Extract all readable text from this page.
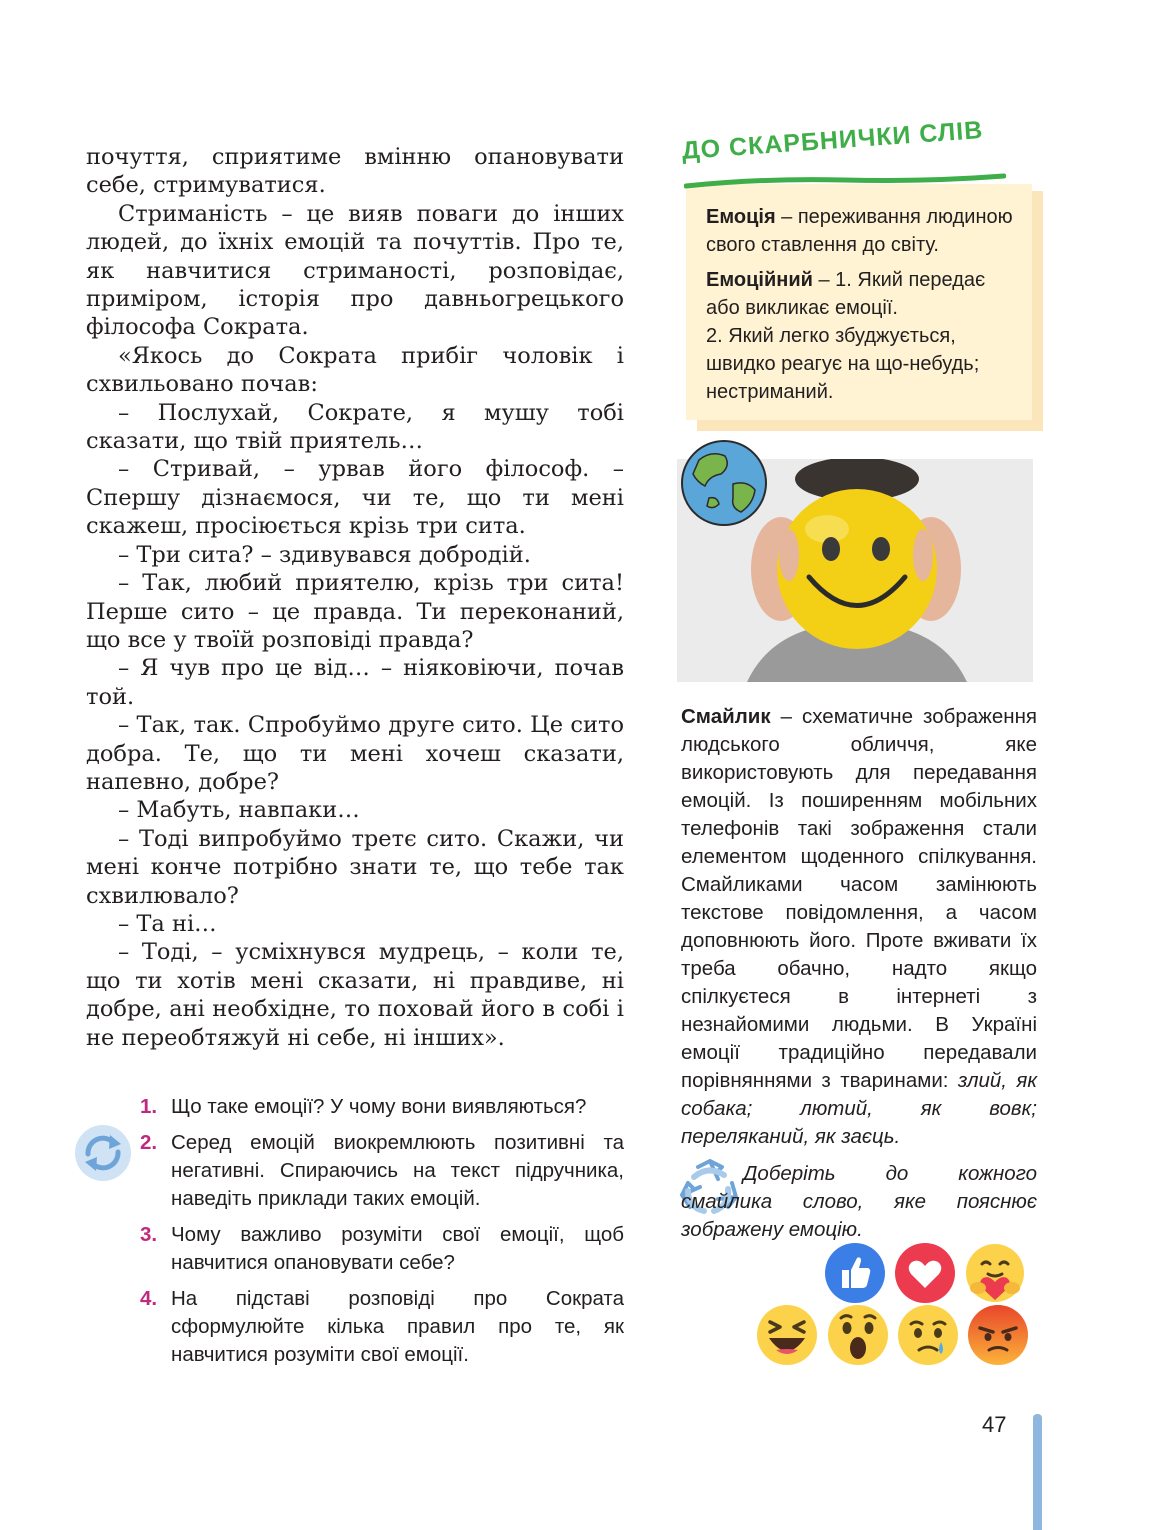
почуття, сприятиме вмінню опановувати

себе, стримуватися.

Стриманість – це вияв поваги до інших людей, до їхніх емоцій та почуттів. Про те, як навчитися стриманості, розповідає, приміром, історія про давньогрецького філософа Сократа.

«Якось до Сократа прибіг чоловік і схвильовано почав:

– Послухай, Сократе, я мушу тобі сказати, що твій приятель…

– Стривай, – урвав його філософ. – Спершу дізнаємося, чи те, що ти мені скажеш, просіюється крізь три сита.

– Три сита? – здивувався добродій.

– Так, любий приятелю, крізь три сита! Перше сито – це правда. Ти переконаний, що все у твоїй розповіді правда?

– Я чув про це від… – ніяковіючи, почав той.

– Так, так. Спробуймо друге сито. Це сито добра. Те, що ти мені хочеш сказати, напевно, добре?

– Мабуть, навпаки…

– Тоді випробуймо третє сито. Скажи, чи мені конче потрібно знати те, що тебе так схвилювало?

– Та ні…

– Тоді, – усміхнувся мудрець, – коли те, що ти хотів мені сказати, ні правдиве, ні добре, ані необхідне, то поховай його в собі і не переобтяжуй ні себе, ні інших».

1. Що таке емоції? У чому вони виявляються?
2. Серед емоцій виокремлюють позитивні та негативні. Спираючись на текст підручника, наведіть приклади таких емоцій.
3. Чому важливо розуміти свої емоції, щоб навчитися опановувати себе?
4. На підставі розповіді про Сократа сформулюйте кілька правил про те, як навчитися розуміти свої емоції.
ДО СКАРБНИЧКИ СЛІВ

Емоція – переживання людиною свого ставлення до світу.

Емоційний – 1. Який передає або викликає емоції.

2. Який легко збуджується, швидко реагує на що-небудь; нестриманий.

Смайлик – схематичне зображення людського обличчя, яке використовують для передавання емоцій. Із поширенням мобільних телефонів такі зображення стали елементом щоденного спілкування. Смайликами часом замінюють текстове повідомлення, а часом доповнюють його. Проте вживати їх треба обачно, надто якщо спілкуєтеся в інтернеті з незнайомими людьми. В Україні емоції традиційно передавали порівняннями з тваринами: злий, як собака; лютий, як вовк; переляканий, як заєць.

Доберіть до кожного смайлика слово, яке пояснює зображену емоцію.

47
